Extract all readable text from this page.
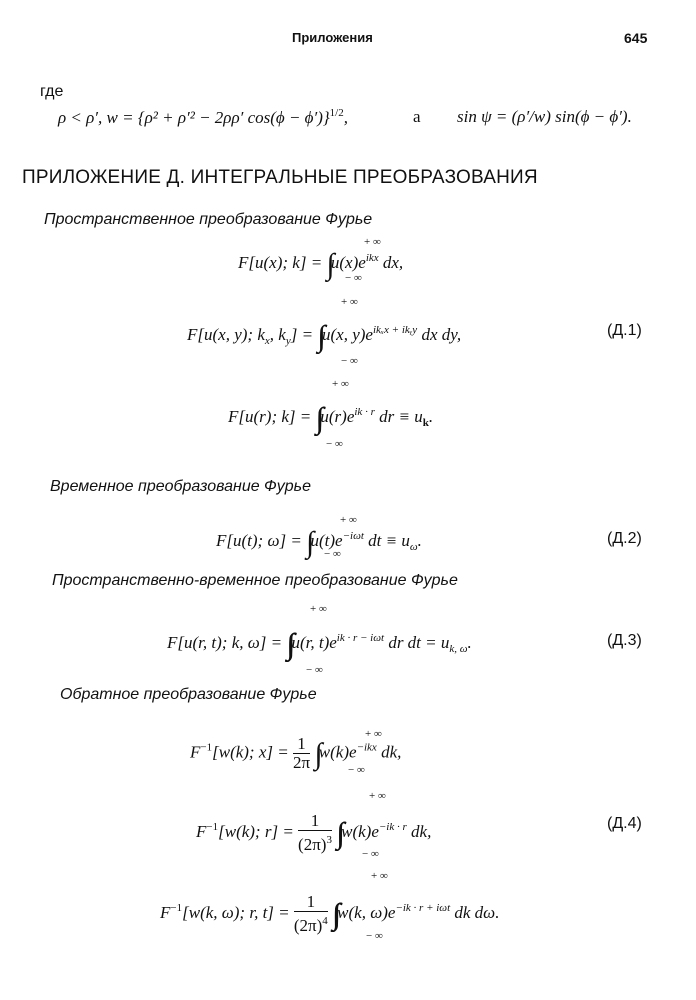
Приложения	645
где
ρ < ρ′, w = {ρ² + ρ′² − 2ρρ′ cos(ϕ − ϕ′)}$^{1/2}$,	a sin ψ = (ρ′/w) sin(ϕ − ϕ′).
ПРИЛОЖЕНИЕ Д. ИНТЕГРАЛЬНЫЕ ПРЕОБРАЗОВАНИЯ
Пространственное преобразование Фурье
F[u(x); k] = ∫ $u(x)e^{ikx}$ dx,
+ ∞
− ∞
+ ∞
F[u(x, y); $k_x$, $k_y$] = ∫∫ u(x, $y)e^{ik_xx + ikᵧy}$ dx dy,
− ∞
(Д.1)
+ ∞
F[u(r); k] = ∫∫∫ $u(r)e^{ik \cdot r}$ dr ≡ $u_k$.
− ∞
Временное преобразование Фурье
F[u(t); ω] = ∫ $u(t)e^{-i\omega t}$ dt ≡ $u_\omega$.
+ ∞
− ∞
(Д.2)
Пространственно-временное преобразование Фурье
+ ∞
F[u(r, t); k, ω] = ∫∫∫∫ u(r, $t)e^{ik \cdot r - i\omega t}$ dr dt = $u_{k, \omega}$.
− ∞
(Д.3)
Обратное преобразование Фурье
$F^{-1}[w(k)$; $x] = \frac{1}{2\pi}$ ∫ $w(k)e^{-ikx}$ dk,
+ ∞
− ∞
+ ∞
$F^{-1}[w(k)$; $r] = \frac{1}{(2\pi)^3}$ ∫∫∫ $w(k)e^{-ik \cdot r}$ dk,
− ∞
(Д.4)
+ ∞
$F^{-1}[w(k$, ω); r, $t] = \frac{1}{(2\pi)^4}$ ∫∫∫∫ w(k, $\omega)e^{-ik \cdot r + i\omega t}$ dk dω.
− ∞
